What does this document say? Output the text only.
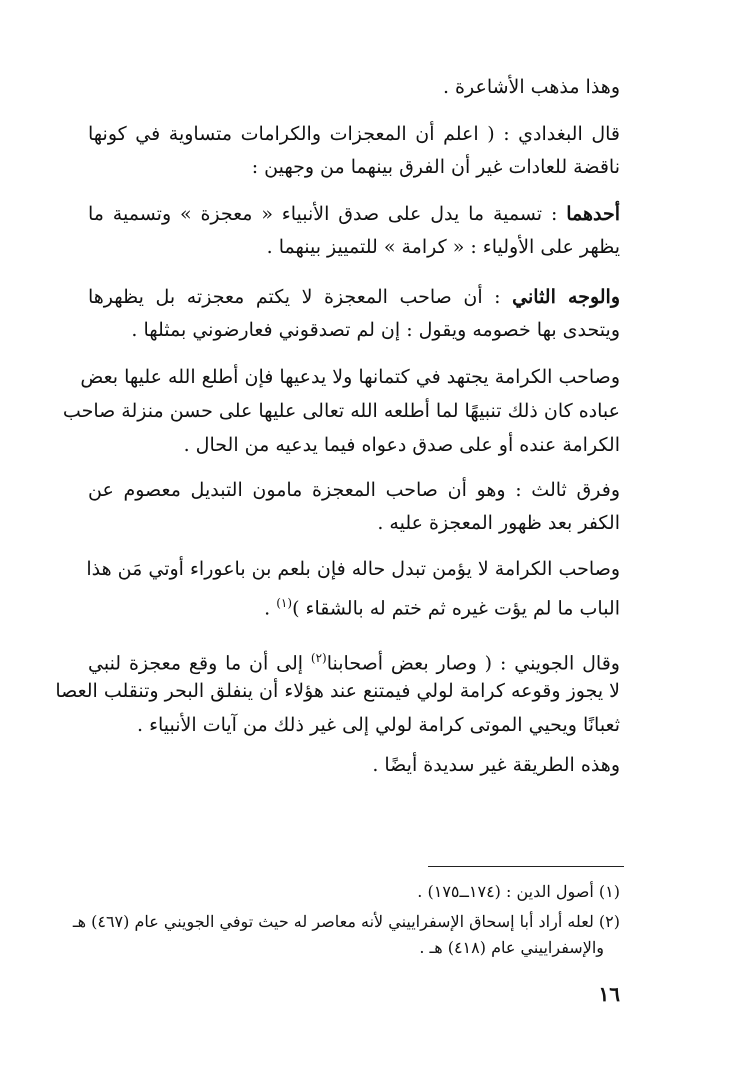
وهذا مذهب الأشاعرة .
قال البغدادي : ( اعلم أن المعجزات والكرامات متساوية في كونها
ناقضة للعادات غير أن الفرق بينهما من وجهين :
أحدهما : تسمية ما يدل على صدق الأنبياء « معجزة » وتسمية ما
يظهر على الأولياء : « كرامة » للتمييز بينهما .
والوجه الثاني : أن صاحب المعجزة لا يكتم معجزته بل يظهرها
ويتحدى بها خصومه ويقول : إن لم تصدقوني فعارضوني بمثلها .
وصاحب الكرامة يجتهد في كتمانها ولا يدعيها فإن أطلع الله عليها بعض
عباده كان ذلك تنبيهًا لما أطلعه الله تعالى عليها على حسن منزلة صاحب
الكرامة عنده أو على صدق دعواه فيما يدعيه من الحال .
وفرق ثالث : وهو أن صاحب المعجزة مامون التبديل معصوم عن
الكفر بعد ظهور المعجزة عليه .
وصاحب الكرامة لا يؤمن تبدل حاله فإن بلعم بن باعوراء أوتي مَن هذا
الباب ما لم يؤت غيره ثم ختم له بالشقاء )$^{(١)}$ .
وقال الجويني : ( وصار بعض أصحابنا$^{(٢)}$ إلى أن ما وقع معجزة لنبي
لا يجوز وقوعه كرامة لولي فيمتنع عند هؤلاء أن ينفلق البحر وتنقلب العصا
ثعبانًا ويحيي الموتى كرامة لولي إلى غير ذلك من آيات الأنبياء .
وهذه الطريقة غير سديدة أيضًا .
(١) أصول الدين : (١٧٤ــ١٧٥) .
(٢) لعله أراد أبا إسحاق الإسفراييني لأنه معاصر له حيث توفي الجويني عام (٤٦٧) هـ
والإسفراييني عام (٤١٨) هـ .
١٦
